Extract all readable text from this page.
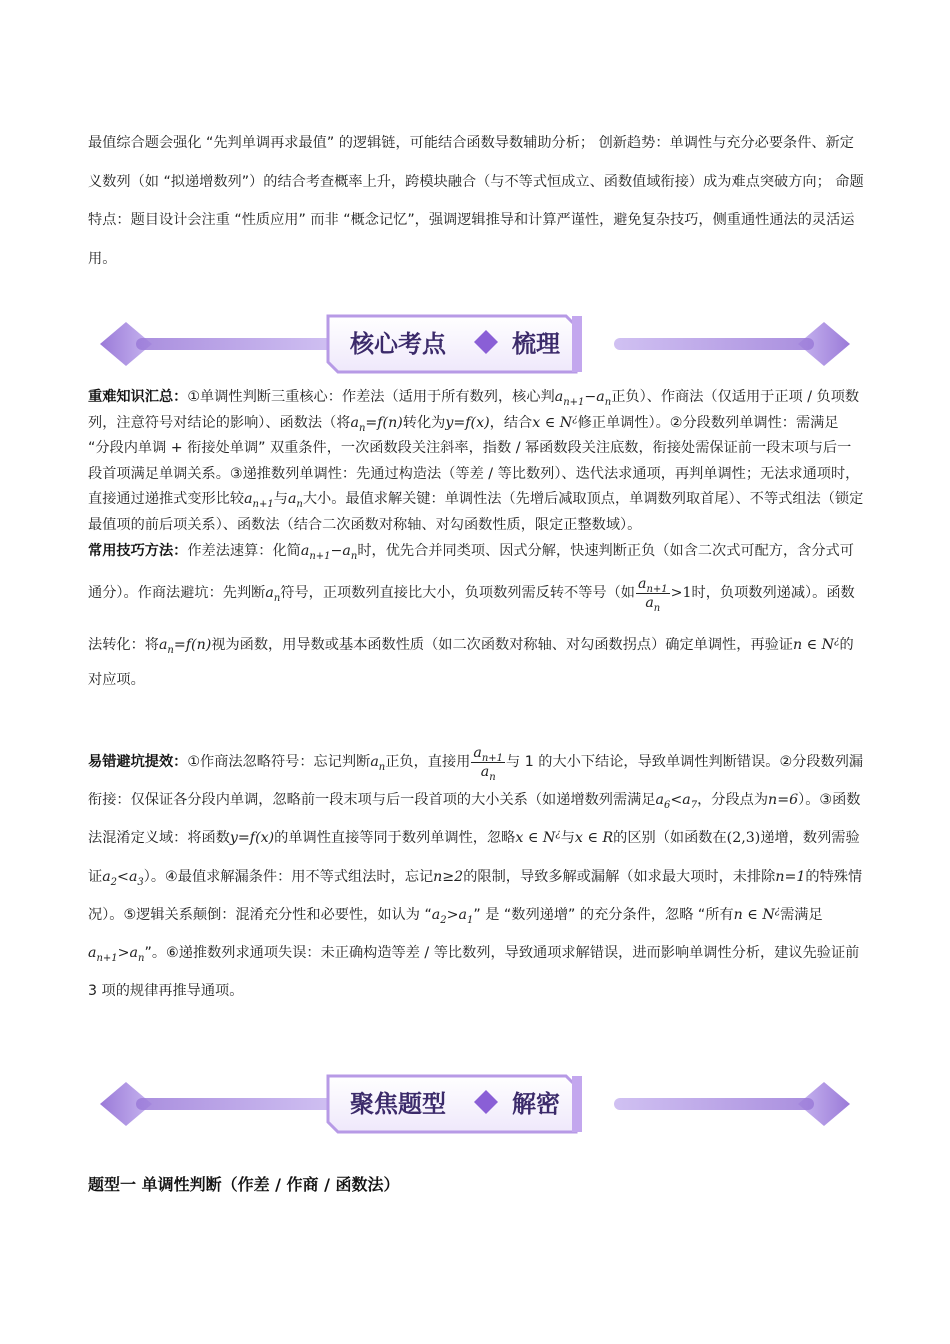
最值综合题会强化 “先判单调再求最值” 的逻辑链，可能结合函数导数辅助分析； 创新趋势：单调性与充分必要条件、新定义数列（如 “拟递增数列”）的结合考查概率上升，跨模块融合（与不等式恒成立、函数值域衔接）成为难点突破方向； 命题特点：题目设计会注重 “性质应用” 而非 “概念记忆”，强调逻辑推导和计算严谨性，避免复杂技巧，侧重通性通法的灵活运用。
核心考点	梳理
重难知识汇总：①单调性判断三重核心：作差法（适用于所有数列，核心判$a_{n+1}-a_n$正负）、作商法（仅适用于正项 / 负项数列，注意符号对结论的影响）、函数法（将$a_n=f(n)$转化为y=f(x)，结合x ∈ N¿修正单调性）。②分段数列单调性：需满足 “分段内单调 + 衔接处单调” 双重条件，一次函数段关注斜率，指数 / 幂函数段关注底数，衔接处需保证前一段末项与后一段首项满足单调关系。③递推数列单调性：先通过构造法（等差 / 等比数列）、迭代法求通项，再判单调性；无法求通项时，直接通过递推式变形比较$a_{n+1}$与$a_n$大小。最值求解关键：单调性法（先增后减取顶点，单调数列取首尾）、不等式组法（锁定最值项的前后项关系）、函数法（结合二次函数对称轴、对勾函数性质，限定正整数域）。
常用技巧方法：作差法速算：化简$a_{n+1}-a_n$时，优先合并同类项、因式分解，快速判断正负（如含二次式可配方，含分式可通分）。作商法避坑：先判断$a_n$符号，正项数列直接比大小，负项数列需反转不等号（如 $\frac{a_{n+1}}{a_n} >1$时，负项数列递减）。函数法转化：将$a_n=f(n)$视为函数，用导数或基本函数性质（如二次函数对称轴、对勾函数拐点）确定单调性，再验证n ∈ N¿的对应项。
易错避坑提效：①作商法忽略符号：忘记判断$a_n$正负，直接用 $\frac{a_{n+1}}{a_n}$ 与 1 的大小下结论，导致单调性判断错误。②分段数列漏衔接：仅保证各分段内单调，忽略前一段末项与后一段首项的大小关系（如递增数列需满足$a_6<a_7$，分段点为n=6）。③函数法混淆定义域：将函数y=f(x)的单调性直接等同于数列单调性，忽略x ∈ N¿与x ∈ R的区别（如函数在(2,3)递增，数列需验证$a_2<a_3$）。④最值求解漏条件：用不等式组法时，忘记n≥2的限制，导致多解或漏解（如求最大项时，未排除n=1的特殊情况）。⑤逻辑关系颠倒：混淆充分性和必要性，如认为 “$a_2>a_1$” 是 “数列递增” 的充分条件，忽略 “所有n ∈ N¿需满足$a_{n+1}>a_n$”。⑥递推数列求通项失误：未正确构造等差 / 等比数列，导致通项求解错误，进而影响单调性分析，建议先验证前 3 项的规律再推导通项。
聚焦题型	解密
题型一 单调性判断（作差 / 作商 / 函数法）
